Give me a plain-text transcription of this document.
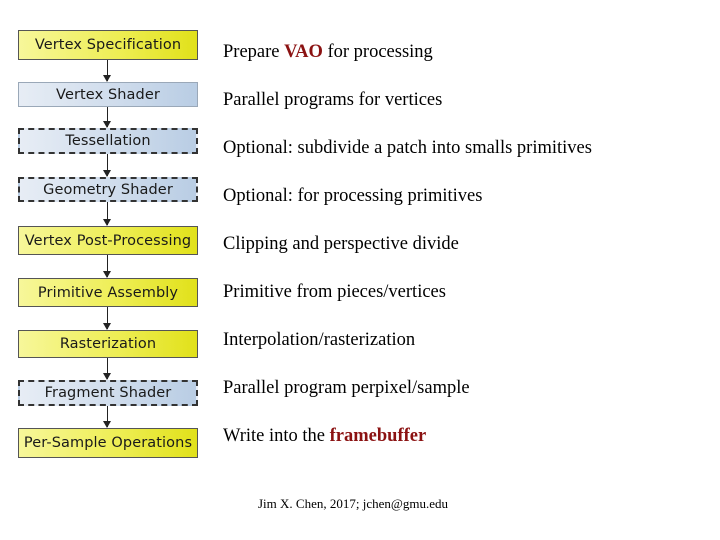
Vertex Specification
Vertex Shader
Tessellation
Geometry Shader
Vertex Post-Processing
Primitive Assembly
Rasterization
Fragment Shader
Per-Sample Operations
Prepare VAO for processing
Parallel programs for vertices
Optional: subdivide a patch into smalls primitives
Optional: for processing primitives
Clipping and perspective divide
Primitive from pieces/vertices
Interpolation/rasterization
Parallel program perpixel/sample
Write into the framebuffer
Jim X. Chen, 2017; jchen@gmu.edu
